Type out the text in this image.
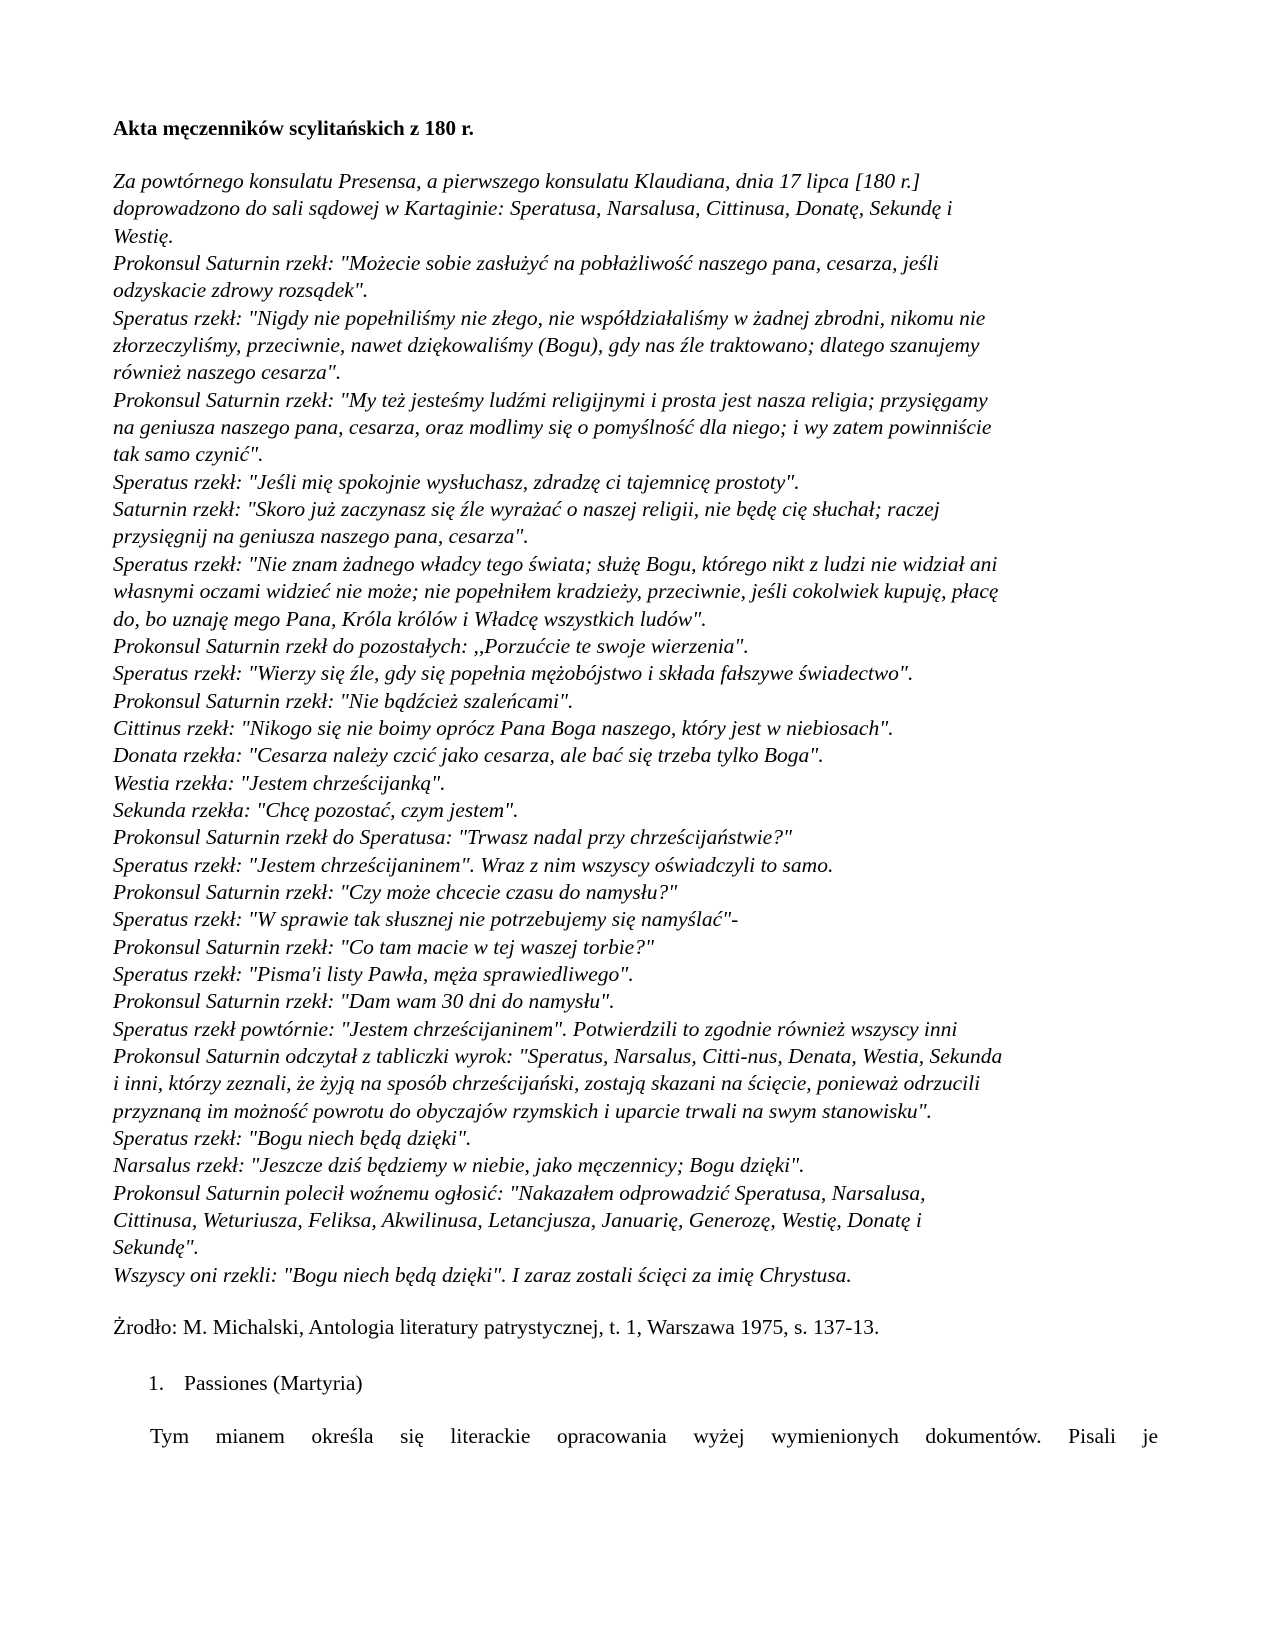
Akta męczenników scylitańskich z 180 r.
Za powtórnego konsulatu Presensa, a pierwszego konsulatu Klaudiana, dnia 17 lipca [180 r.]
doprowadzono do sali sądowej w Kartaginie: Speratusa, Narsalusa, Cittinusa, Donatę, Sekundę i
Westię.
Prokonsul Saturnin rzekł: "Możecie sobie zasłużyć na pobłażliwość naszego pana, cesarza, jeśli
odzyskacie zdrowy rozsądek".
Speratus rzekł: "Nigdy nie popełniliśmy nie złego, nie współdziałaliśmy w żadnej zbrodni, nikomu nie
złorzeczyliśmy, przeciwnie, nawet dziękowaliśmy (Bogu), gdy nas źle traktowano; dlatego szanujemy
również naszego cesarza".
Prokonsul Saturnin rzekł: "My też jesteśmy ludźmi religijnymi i prosta jest nasza religia; przysięgamy
na geniusza naszego pana, cesarza, oraz modlimy się o pomyślność dla niego; i wy zatem powinniście
tak samo czynić".
Speratus rzekł: "Jeśli mię spokojnie wysłuchasz, zdradzę ci tajemnicę prostoty".
Saturnin rzekł: "Skoro już zaczynasz się źle wyrażać o naszej religii, nie będę cię słuchał; raczej
przysięgnij na geniusza naszego pana, cesarza".
Speratus rzekł: "Nie znam żadnego władcy tego świata; służę Bogu, którego nikt z ludzi nie widział ani
własnymi oczami widzieć nie może; nie popełniłem kradzieży, przeciwnie, jeśli cokolwiek kupuję, płacę
do, bo uznaję mego Pana, Króla królów i Władcę wszystkich ludów".
Prokonsul Saturnin rzekł do pozostałych: ,,Porzućcie te swoje wierzenia".
Speratus rzekł: "Wierzy się źle, gdy się popełnia mężobójstwo i składa fałszywe świadectwo".
Prokonsul Saturnin rzekł: "Nie bądźcież szaleńcami".
Cittinus rzekł: "Nikogo się nie boimy oprócz Pana Boga naszego, który jest w niebiosach".
Donata rzekła: "Cesarza należy czcić jako cesarza, ale bać się trzeba tylko Boga".
Westia rzekła: "Jestem chrześcijanką".
Sekunda rzekła: "Chcę pozostać, czym jestem".
Prokonsul Saturnin rzekł do Speratusa: "Trwasz nadal przy chrześcijaństwie?"
Speratus rzekł: "Jestem chrześcijaninem". Wraz z nim wszyscy oświadczyli to samo.
Prokonsul Saturnin rzekł: "Czy może chcecie czasu do namysłu?"
Speratus rzekł: "W sprawie tak słusznej nie potrzebujemy się namyślać"-
Prokonsul Saturnin rzekł: "Co tam macie w tej waszej torbie?"
Speratus rzekł: "Pisma'i listy Pawła, męża sprawiedliwego".
Prokonsul Saturnin rzekł: "Dam wam 30 dni do namysłu".
Speratus rzekł powtórnie: "Jestem chrześcijaninem". Potwierdzili to zgodnie również wszyscy inni
Prokonsul Saturnin odczytał z tabliczki wyrok: "Speratus, Narsalus, Citti-nus, Denata, Westia, Sekunda
i inni, którzy zeznali, że żyją na sposób chrześcijański, zostają skazani na ścięcie, ponieważ odrzucili
przyznaną im możność powrotu do obyczajów rzymskich i uparcie trwali na swym stanowisku".
Speratus rzekł: "Bogu niech będą dzięki".
Narsalus rzekł: "Jeszcze dziś będziemy w niebie, jako męczennicy; Bogu dzięki".
Prokonsul Saturnin polecił woźnemu ogłosić: "Nakazałem odprowadzić Speratusa, Narsalusa,
Cittinusa, Weturiusza, Feliksa, Akwilinusa, Letancjusza, Januarię, Generozę, Westię, Donatę i
Sekundę".
Wszyscy oni rzekli: "Bogu niech będą dzięki". I zaraz zostali ścięci za imię Chrystusa.
Żrodło: M. Michalski, Antologia literatury patrystycznej, t. 1, Warszawa 1975, s. 137-13.
1. Passiones (Martyria)
Tym mianem określa się literackie opracowania wyżej wymienionych dokumentów. Pisali je
